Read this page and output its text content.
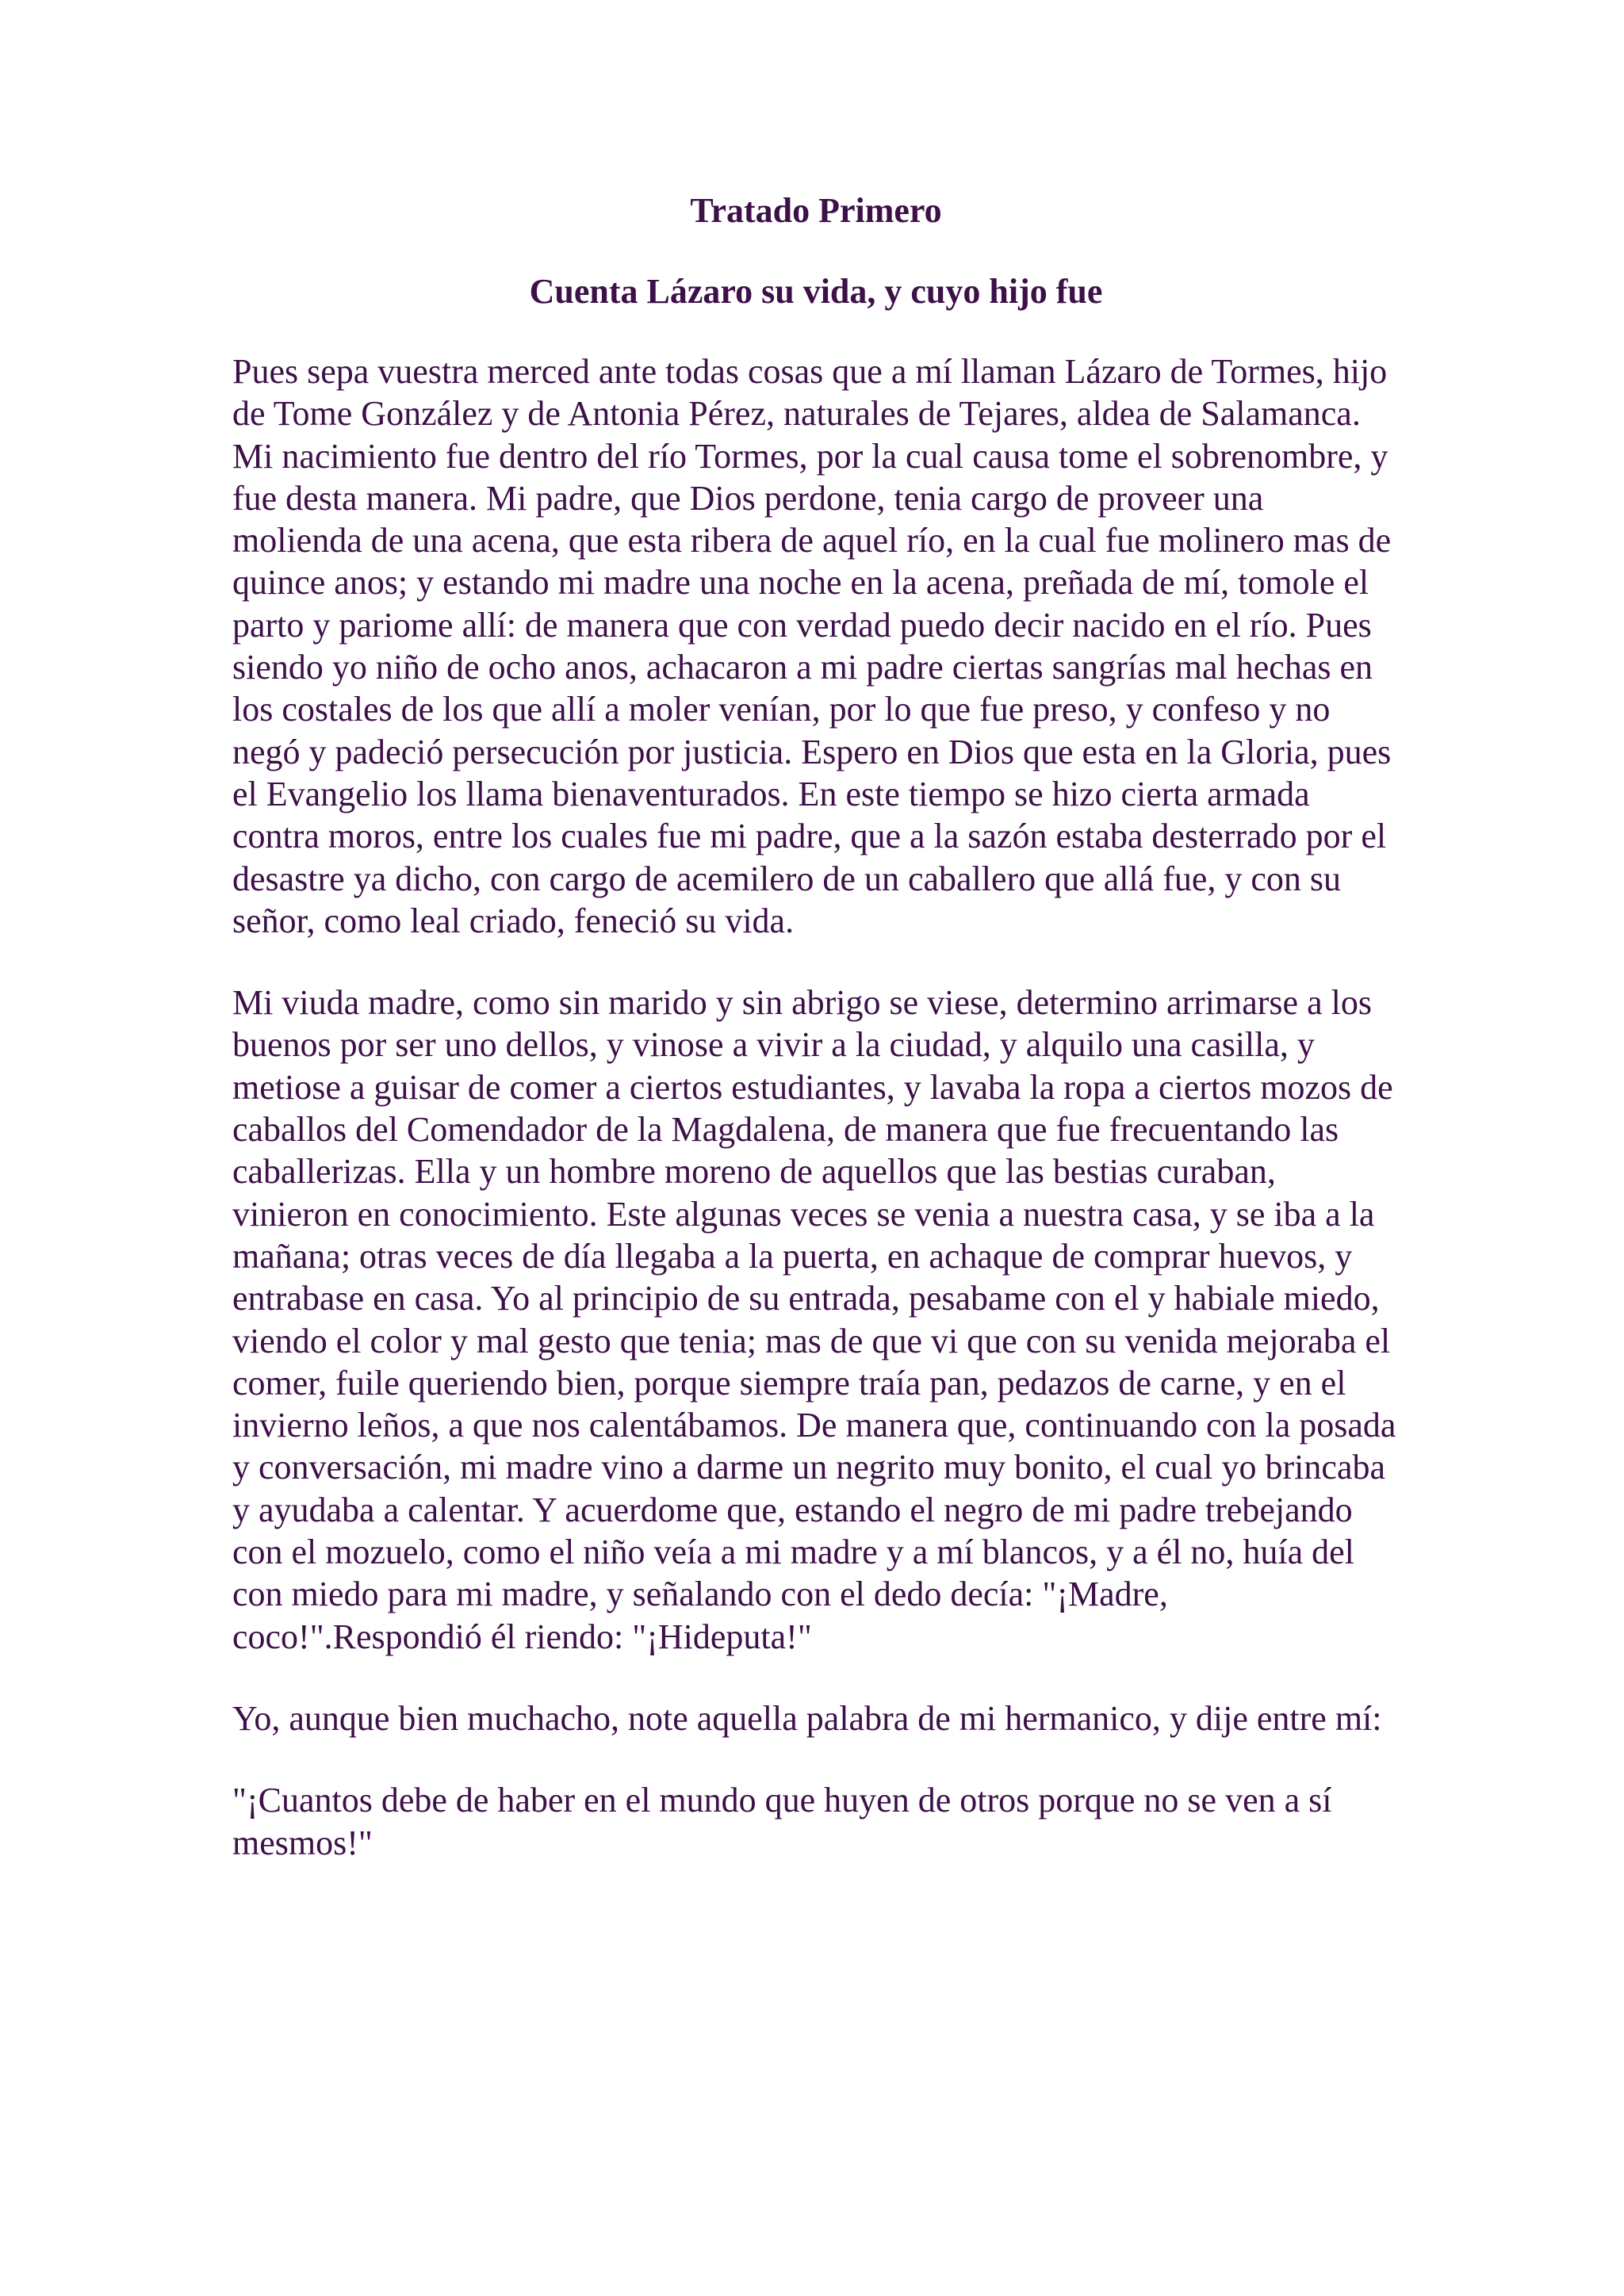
Tratado Primero
Cuenta Lázaro su vida, y cuyo hijo fue

Pues sepa vuestra merced ante todas cosas que a mí llaman Lázaro de Tormes, hijo de Tome González y de Antonia Pérez, naturales de Tejares, aldea de Salamanca. Mi nacimiento fue dentro del río Tormes, por la cual causa tome el sobrenombre, y fue desta manera. Mi padre, que Dios perdone, tenia cargo de proveer una molienda de una acena, que esta ribera de aquel río, en la cual fue molinero mas de quince anos; y estando mi madre una noche en la acena, preñada de mí, tomole el parto y pariome allí: de manera que con verdad puedo decir nacido en el río. Pues siendo yo niño de ocho anos, achacaron a mi padre ciertas sangrías mal hechas en los costales de los que allí a moler venían, por lo que fue preso, y confeso y no negó y padeció persecución por justicia. Espero en Dios que esta en la Gloria, pues el Evangelio los llama bienaventurados. En este tiempo se hizo cierta armada contra moros, entre los cuales fue mi padre, que a la sazón estaba desterrado por el desastre ya dicho, con cargo de acemilero de un caballero que allá fue, y con su señor, como leal criado, feneció su vida.

Mi viuda madre, como sin marido y sin abrigo se viese, determino arrimarse a los buenos por ser uno dellos, y vinose a vivir a la ciudad, y alquilo una casilla, y metiose a guisar de comer a ciertos estudiantes, y lavaba la ropa a ciertos mozos de caballos del Comendador de la Magdalena, de manera que fue frecuentando las caballerizas. Ella y un hombre moreno de aquellos que las bestias curaban, vinieron en conocimiento. Este algunas veces se venia a nuestra casa, y se iba a la mañana; otras veces de día llegaba a la puerta, en achaque de comprar huevos, y entrabase en casa. Yo al principio de su entrada, pesabame con el y habiale miedo, viendo el color y mal gesto que tenia; mas de que vi que con su venida mejoraba el comer, fuile queriendo bien, porque siempre traía pan, pedazos de carne, y en el invierno leños, a que nos calentábamos. De manera que, continuando con la posada y conversación, mi madre vino a darme un negrito muy bonito, el cual yo brincaba y ayudaba a calentar. Y acuerdome que, estando el negro de mi padre trebejando con el mozuelo, como el niño veía a mi madre y a mí blancos, y a él no, huía del con miedo para mi madre, y señalando con el dedo decía: "¡Madre, coco!".Respondió él riendo: "¡Hideputa!"

Yo, aunque bien muchacho, note aquella palabra de mi hermanico, y dije entre mí:

"¡Cuantos debe de haber en el mundo que huyen de otros porque no se ven a sí mesmos!"
